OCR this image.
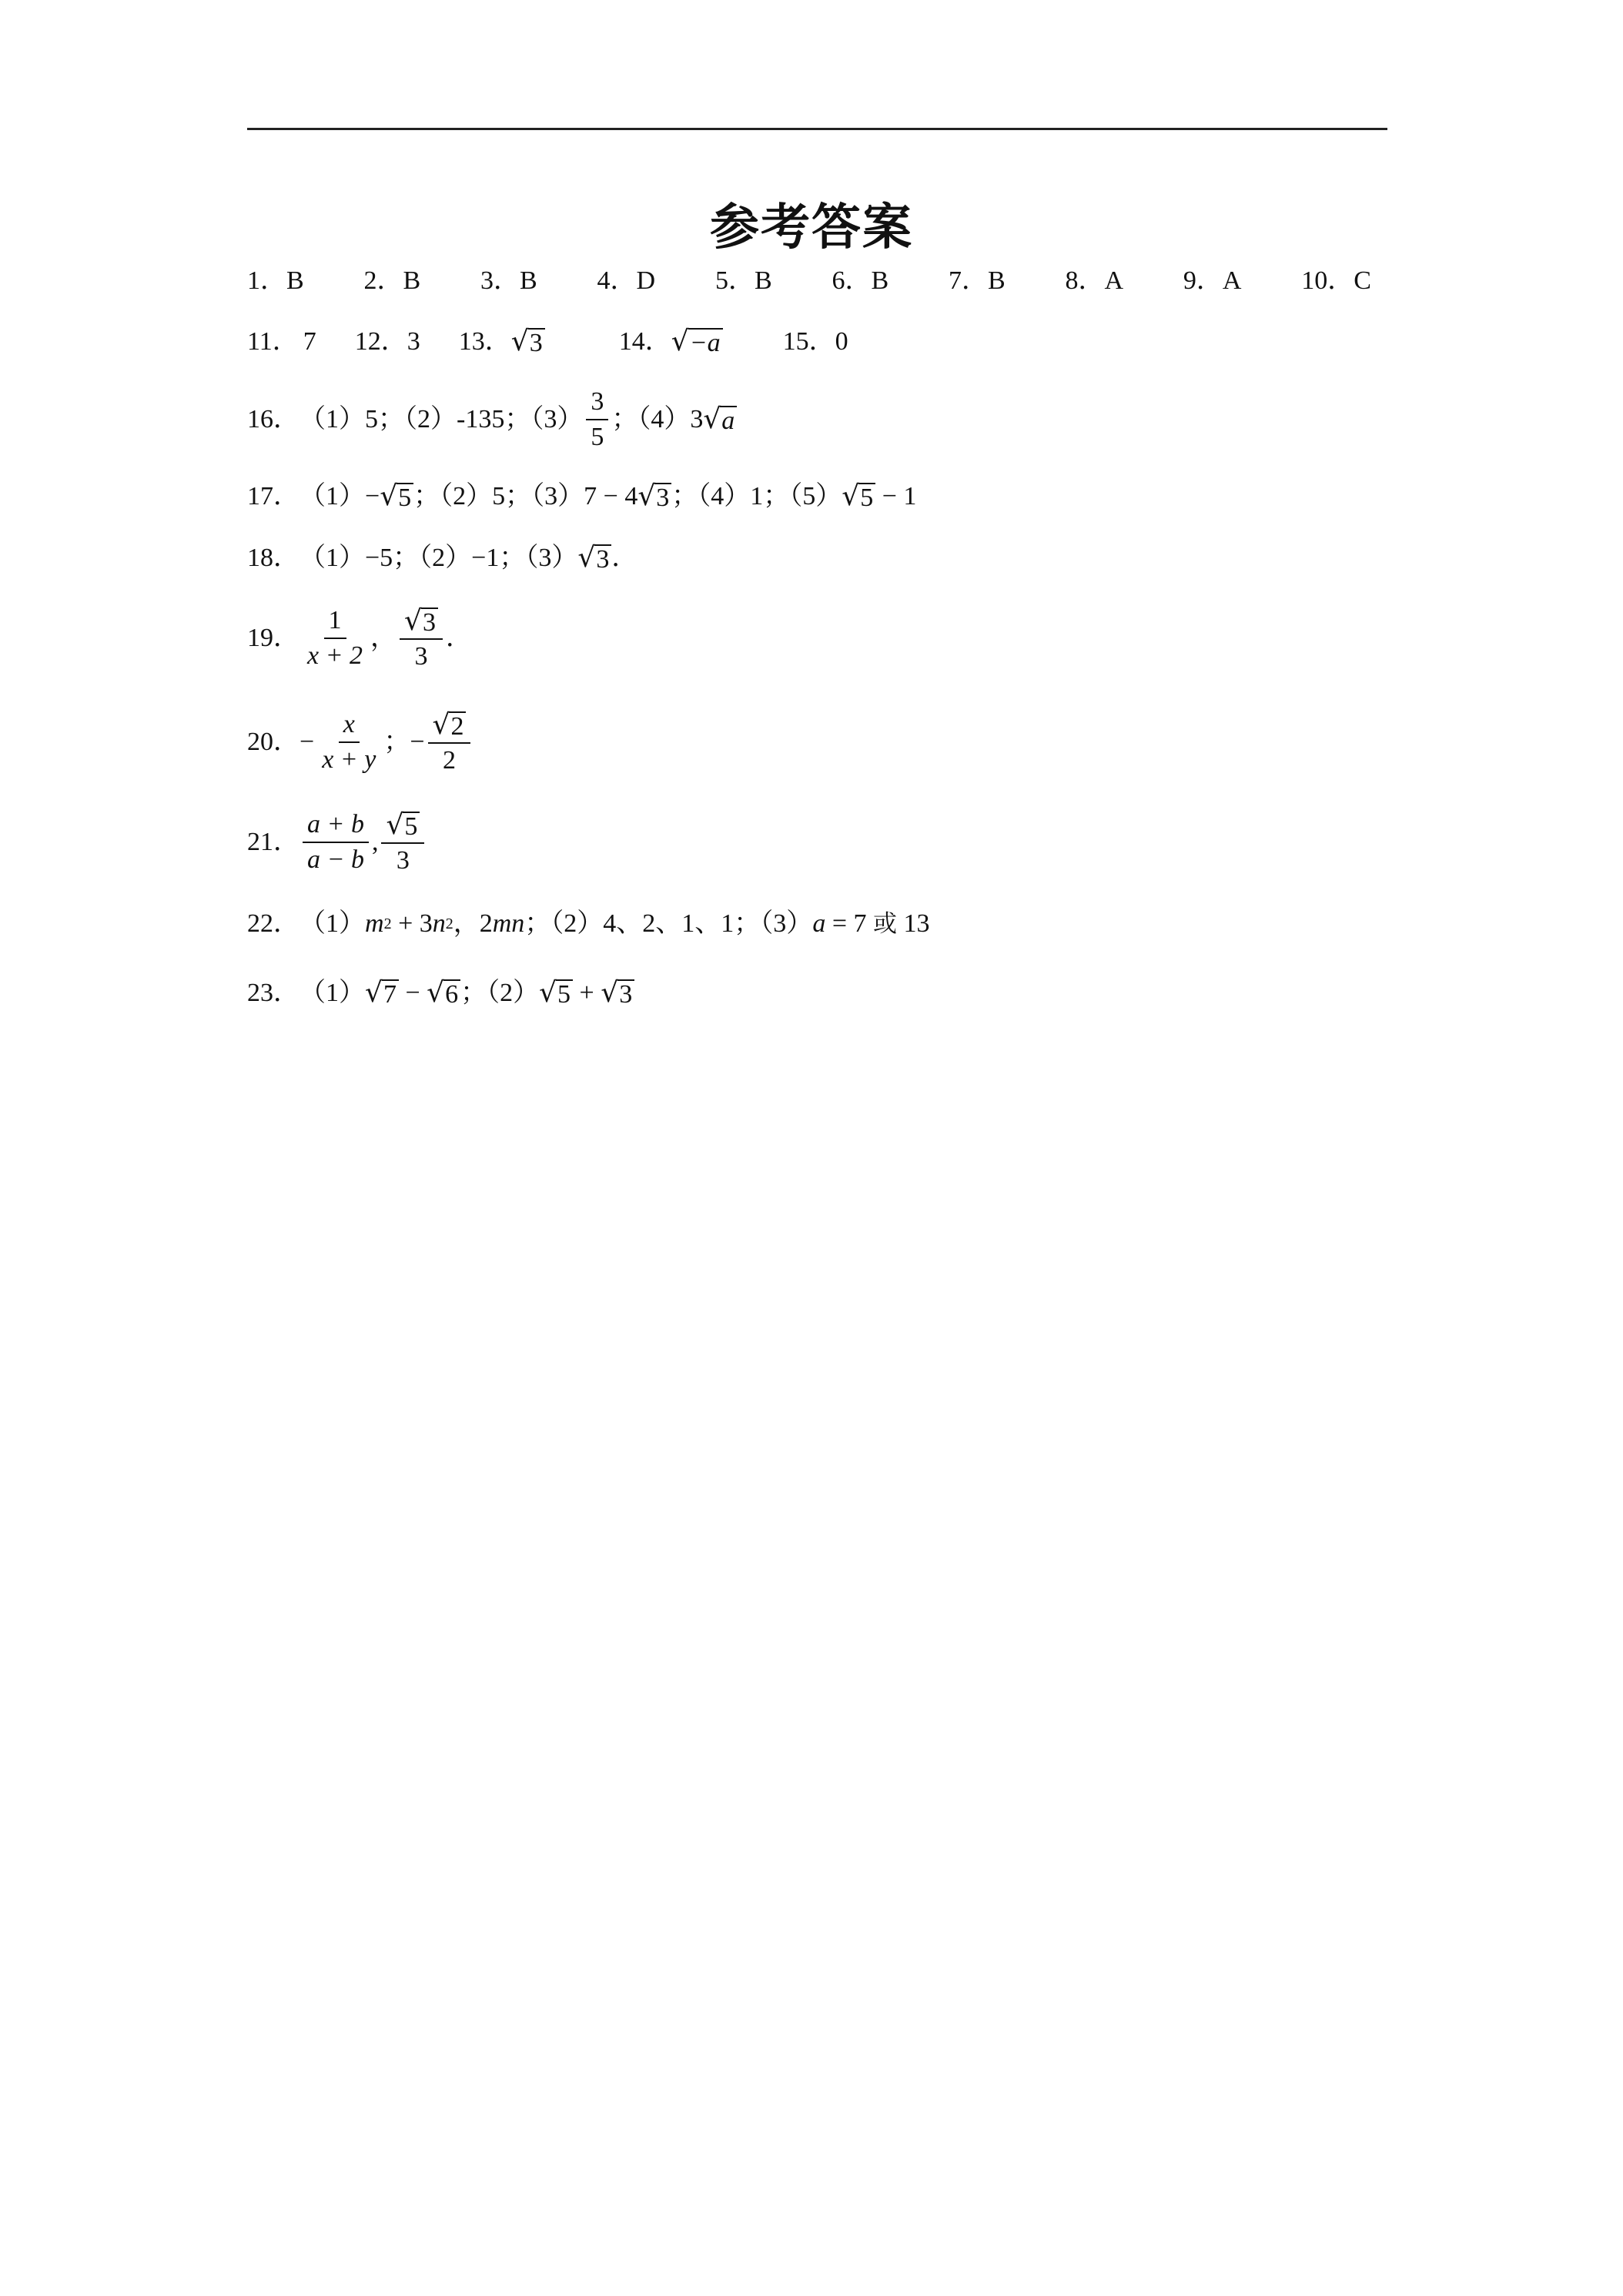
参考答案
1．B 2．B 3．B 4．D 5．B 6．B 7．B 8．A 9．A 10．C
11． 7 12． 3 13． √ 3	14． √ −a 15． 0
16． （1）5；（2）-135；$(3) \frac{3}{5}$ ；（4）3 √ a
17． （1） − √ 5 ；（2）5；（3） 7 − 4 √ 3 ；（4）1；（5） √ 5 − 1
18． （1）−5；（2）−1；（3） √ 3 ．
19． $\frac{1}{x + 2}$ ， $\frac{√ 3}{3}$ ．
20． − $\frac{x}{x + y}$ ； − $\frac{√ 2}{2}$
21． $\frac{a + b}{a - b}$ , $\frac{√ 5}{3}$
22． （1） m 2 + 3 n 2 ， 2 mn ；（2）4、2、1、1；（3） a = 7 或 13
23． （1） √ 7 − √ 6 ；（2） √ 5 + √ 3
